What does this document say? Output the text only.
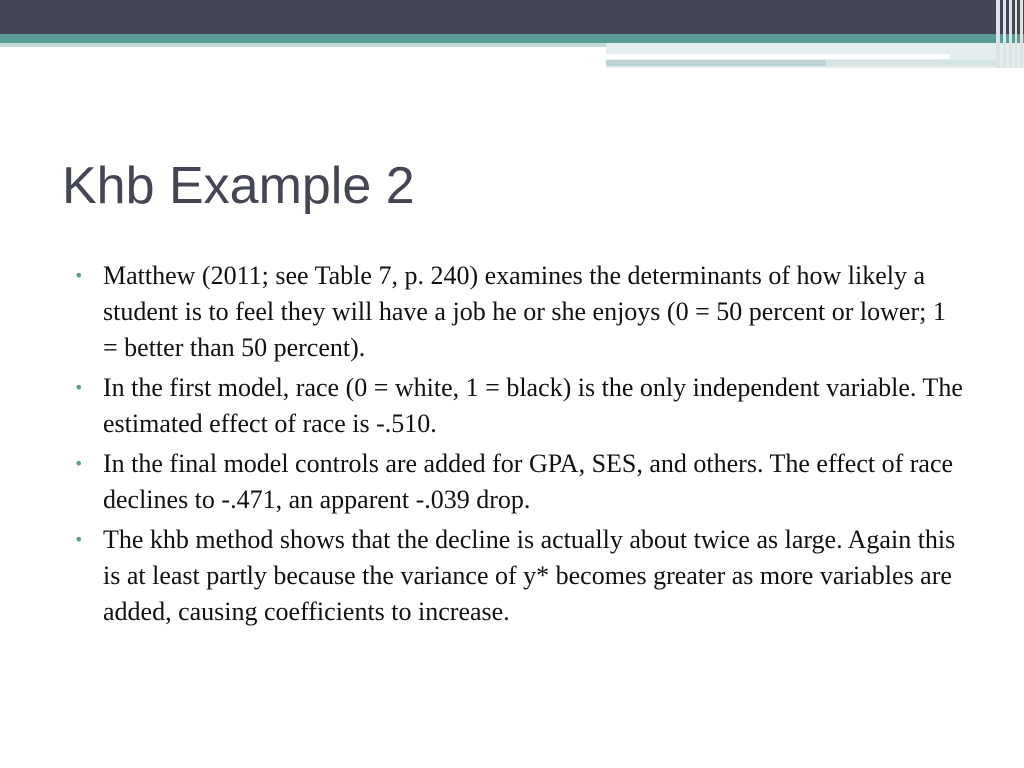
Khb Example 2
• Matthew (2011; see Table 7, p. 240) examines the determinants of how likely a student is to feel they will have a job he or she enjoys (0 = 50 percent or lower; 1 = better than 50 percent).
• In the first model, race (0 = white, 1 = black) is the only independent variable. The estimated effect of race is -.510.
• In the final model controls are added for GPA, SES, and others. The effect of race declines to -.471, an apparent -.039 drop.
• The khb method shows that the decline is actually about twice as large. Again this is at least partly because the variance of y* becomes greater as more variables are added, causing coefficients to increase.
